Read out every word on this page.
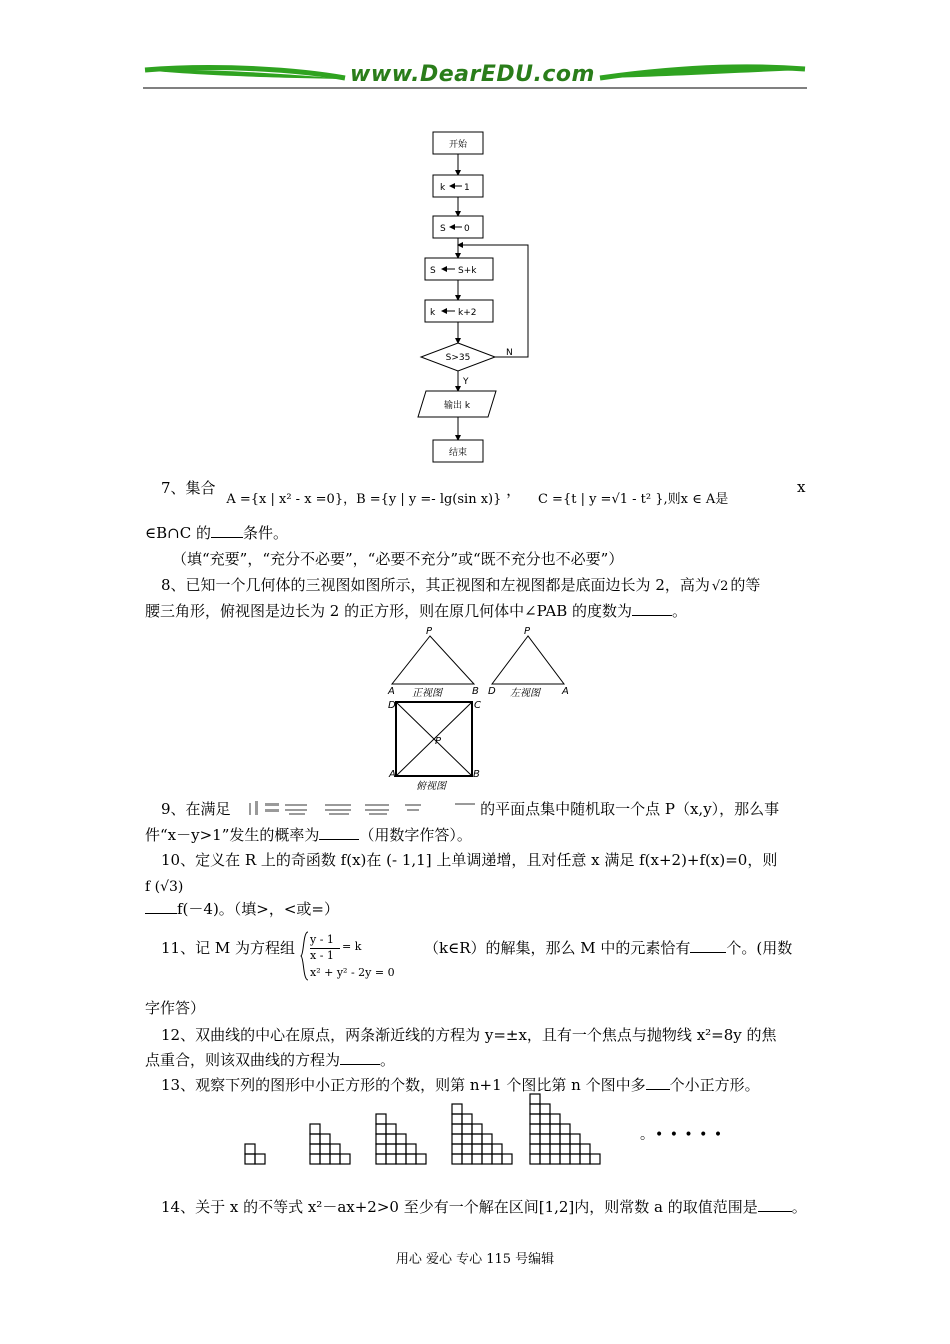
www.DearEDU.com
开始
k 1
S 0
S S+k
k	k+2
S>35	N
Y
输出 k
结束
7、集合 A ={x | x² - x =0}，B ={y | y =- lg(sin x)} ， C ={t | y =√1 - t² },则x ∈ A是
x
∈B∩C 的 条件。
（填“充要”，“充分不必要”，“必要不充分”或“既不充分也不必要”）
8、已知一个几何体的三视图如图所示，其正视图和左视图都是底面边长为 2，高为 √2 的等
腰三角形，俯视图是边长为 2 的正方形，则在原几何体中∠PAB 的度数为	。
P
A	B
正视图
P
D	A
左视图
D	C
P
A	B
俯视图
9、在满足	的平面点集中随机取一个点 P（x,y），那么事
件“x－y>1”发生的概率为	（用数字作答）。
10、定义在 R 上的奇函数 f(x)在 (- 1,1] 上单调递增，且对任意 x 满足 f(x+2)+f(x)=0，则
f (√3)
f(－4)。（填>，<或=）
11、记 M 为方程组	y - 1
x - 1
= k
x² + y² - 2y = 0
（k∈R）的解集，那么 M 中的元素恰有 个。(用数
字作答）
12、双曲线的中心在原点，两条渐近线的方程为 y=±x，且有一个焦点与抛物线 x²=8y 的焦
点重合，则该双曲线的方程为	。
13、观察下列的图形中小正方形的个数，则第 n+1 个图比第 n 个图中多 个小正方形。
。• • • • •
14、关于 x 的不等式 x²－ax+2>0 至少有一个解在区间[1,2]内，则常数 a 的取值范围是 。
用心 爱心 专心 115 号编辑
